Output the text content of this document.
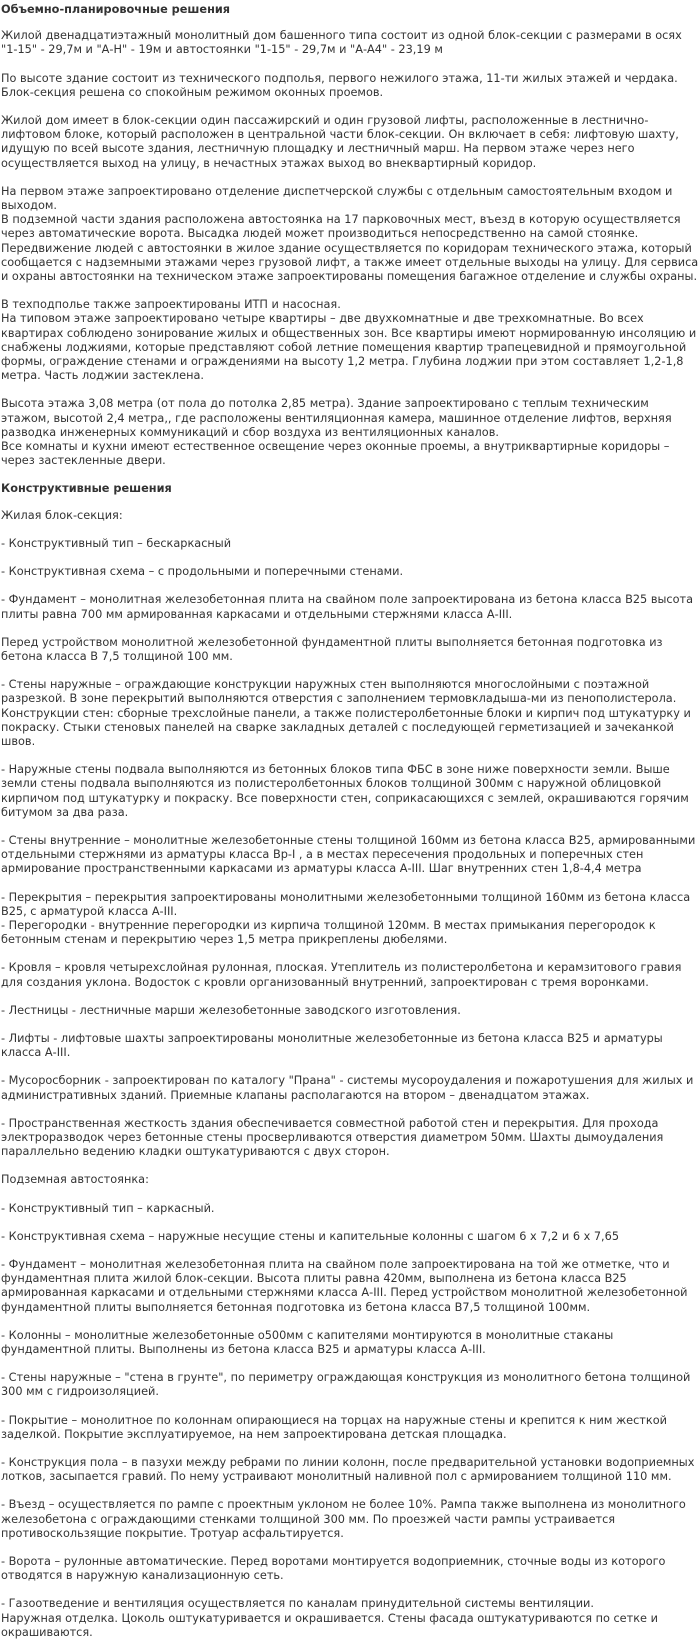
Объемно-планировочные решения

Жилой двенадцатиэтажный монолитный дом башенного типа состоит из одной блок-секции с размерами в осях "1-15" - 29,7м и "А-Н" - 19м и автостоянки "1-15" - 29,7м и "А-А4" - 23,19 м

По высоте здание состоит из технического подполья, первого нежилого этажа, 11-ти жилых этажей и чердака. Блок-секция решена со спокойным режимом оконных проемов.

Жилой дом имеет в блок-секции один пассажирский и один грузовой лифты, расположенные в лестнично-лифтовом блоке, который расположен в центральной части блок-секции. Он включает в себя: лифтовую шахту, идущую по всей высоте здания, лестничную площадку и лестничный марш. На первом этаже через него осуществляется выход на улицу, в нечастных этажах выход во внеквартирный коридор.

На первом этаже запроектировано отделение диспетчерской службы с отдельным самостоятельным входом и выходом.

В подземной части здания расположена автостоянка на 17 парковочных мест, въезд в которую осуществляется через автоматические ворота. Высадка людей может производиться непосредственно на самой стоянке. Передвижение людей с автостоянки в жилое здание осуществляется по коридорам технического этажа, который сообщается с надземными этажами через грузовой лифт, а также имеет отдельные выходы на улицу. Для сервиса и охраны автостоянки на техническом этаже запроектированы помещения багажное отделение и службы охраны.

В техподполье также запроектированы ИТП и насосная.

На типовом этаже запроектировано четыре квартиры – две двухкомнатные и две трехкомнатные. Во всех квартирах соблюдено зонирование жилых и общественных зон. Все квартиры имеют нормированную инсоляцию и снабжены лоджиями, которые представляют собой летние помещения квартир трапецевидной и прямоугольной формы, ограждение стенами и ограждениями на высоту 1,2 метра. Глубина лоджии при этом составляет 1,2-1,8 метра. Часть лоджии застеклена.

Высота этажа 3,08 метра (от пола до потолка 2,85 метра). Здание запроектировано с теплым техническим этажом, высотой 2,4 метра,, где расположены вентиляционная камера, машинное отделение лифтов, верхняя разводка инженерных коммуникаций и сбор воздуха из вентиляционных каналов.

Все комнаты и кухни имеют естественное освещение через оконные проемы, а внутриквартирные коридоры – через застекленные двери.

Конструктивные решения

Жилая блок-секция:

- Конструктивный тип – бескаркасный

- Конструктивная схема – с продольными и поперечными стенами.

- Фундамент – монолитная железобетонная плита на свайном поле запроектирована из бетона класса В25 высота плиты равна 700 мм армированная каркасами и отдельными стержнями класса А-III.

Перед устройством монолитной железобетонной фундаментной плиты выполняется бетонная подготовка из бетона класса В 7,5 толщиной 100 мм.

- Стены наружные – ограждающие конструкции наружных стен выполняются многослойными с поэтажной разрезкой. В зоне перекрытий выполняются отверстия с заполнением термовкладыша-ми из пенополистерола. Конструкции стен: сборные трехслойные панели, а также полистеролбетонные блоки и кирпич под штукатурку и покраску. Стыки стеновых панелей на сварке закладных деталей с последующей герметизацией и зачеканкой швов.

- Наружные стены подвала выполняются из бетонных блоков типа ФБС в зоне ниже поверхности земли. Выше земли стены подвала выполняются из полистеролбетонных блоков толщиной 300мм с наружной облицовкой кирпичом под штукатурку и покраску. Все поверхности стен, соприкасающихся с землей, окрашиваются горячим битумом за два раза.

- Стены внутренние – монолитные железобетонные стены толщиной 160мм из бетона класса В25, армированными отдельными стержнями из арматуры класса Вр-I , а в местах пересечения продольных и поперечных стен армирование пространственными каркасами из арматуры класса А-III. Шаг внутренних стен 1,8-4,4 метра

- Перекрытия – перекрытия запроектированы монолитными железобетонными толщиной 160мм из бетона класса В25, с арматурой класса А-III.

- Перегородки - внутренние перегородки из кирпича толщиной 120мм. В местах примыкания перегородок к бетонным стенам и перекрытию через 1,5 метра прикреплены дюбелями.

- Кровля – кровля четырехслойная рулонная, плоская. Утеплитель из полистеролбетона и керамзитового гравия для создания уклона. Водосток с кровли организованный внутренний, запроектирован с тремя воронками.

- Лестницы - лестничные марши железобетонные заводского изготовления.

- Лифты - лифтовые шахты запроектированы монолитные железобетонные из бетона класса В25 и арматуры класса А-III.

- Мусоросборник - запроектирован по каталогу "Прана" - системы мусороудаления и пожаротушения для жилых и административных зданий. Приемные клапаны располагаются на втором – двенадцатом этажах.

- Пространственная жесткость здания обеспечивается совместной работой стен и перекрытия. Для прохода электроразводок через бетонные стены просверливаются отверстия диаметром 50мм. Шахты дымоудаления параллельно ведению кладки оштукатуриваются с двух сторон.

Подземная автостоянка:

- Конструктивный тип – каркасный.

- Конструктивная схема – наружные несущие стены и капительные колонны с шагом 6 х 7,2 и 6 х 7,65

- Фундамент – монолитная железобетонная плита на свайном поле запроектирована на той же отметке, что и фундаментная плита жилой блок-секции. Высота плиты равна 420мм, выполнена из бетона класса В25 армированная каркасами и отдельными стержнями класса А-III. Перед устройством монолитной железобетонной фундаментной плиты выполняется бетонная подготовка из бетона класса В7,5 толщиной 100мм.

- Колонны – монолитные железобетонные о500мм с капителями монтируются в монолитные стаканы фундаментной плиты. Выполнены из бетона класса В25 и арматуры класса А-III.

- Стены наружные – "стена в грунте", по периметру ограждающая конструкция из монолитного бетона толщиной 300 мм с гидроизоляцией.

- Покрытие – монолитное по колоннам опирающиеся на торцах на наружные стены и крепится к ним жесткой заделкой. Покрытие эксплуатируемое, на нем запроектирована детская площадка.

- Конструкция пола – в пазухи между ребрами по линии колонн, после предварительной установки водоприемных лотков, засыпается гравий. По нему устраивают монолитный наливной пол с армированием толщиной 110 мм.

- Въезд – осуществляется по рампе с проектным уклоном не более 10%. Рампа также выполнена из монолитного железобетона с ограждающими стенками толщиной 300 мм. По проезжей части рампы устраивается противоскользящие покрытие. Тротуар асфальтируется.

- Ворота – рулонные автоматические. Перед воротами монтируется водоприемник, сточные воды из которого отводятся в наружную канализационную сеть.

- Газоотведение и вентиляция осуществляется по каналам принудительной системы вентиляции.

Наружная отделка. Цоколь оштукатуривается и окрашивается. Стены фасада оштукатуриваются по сетке и окрашиваются.
